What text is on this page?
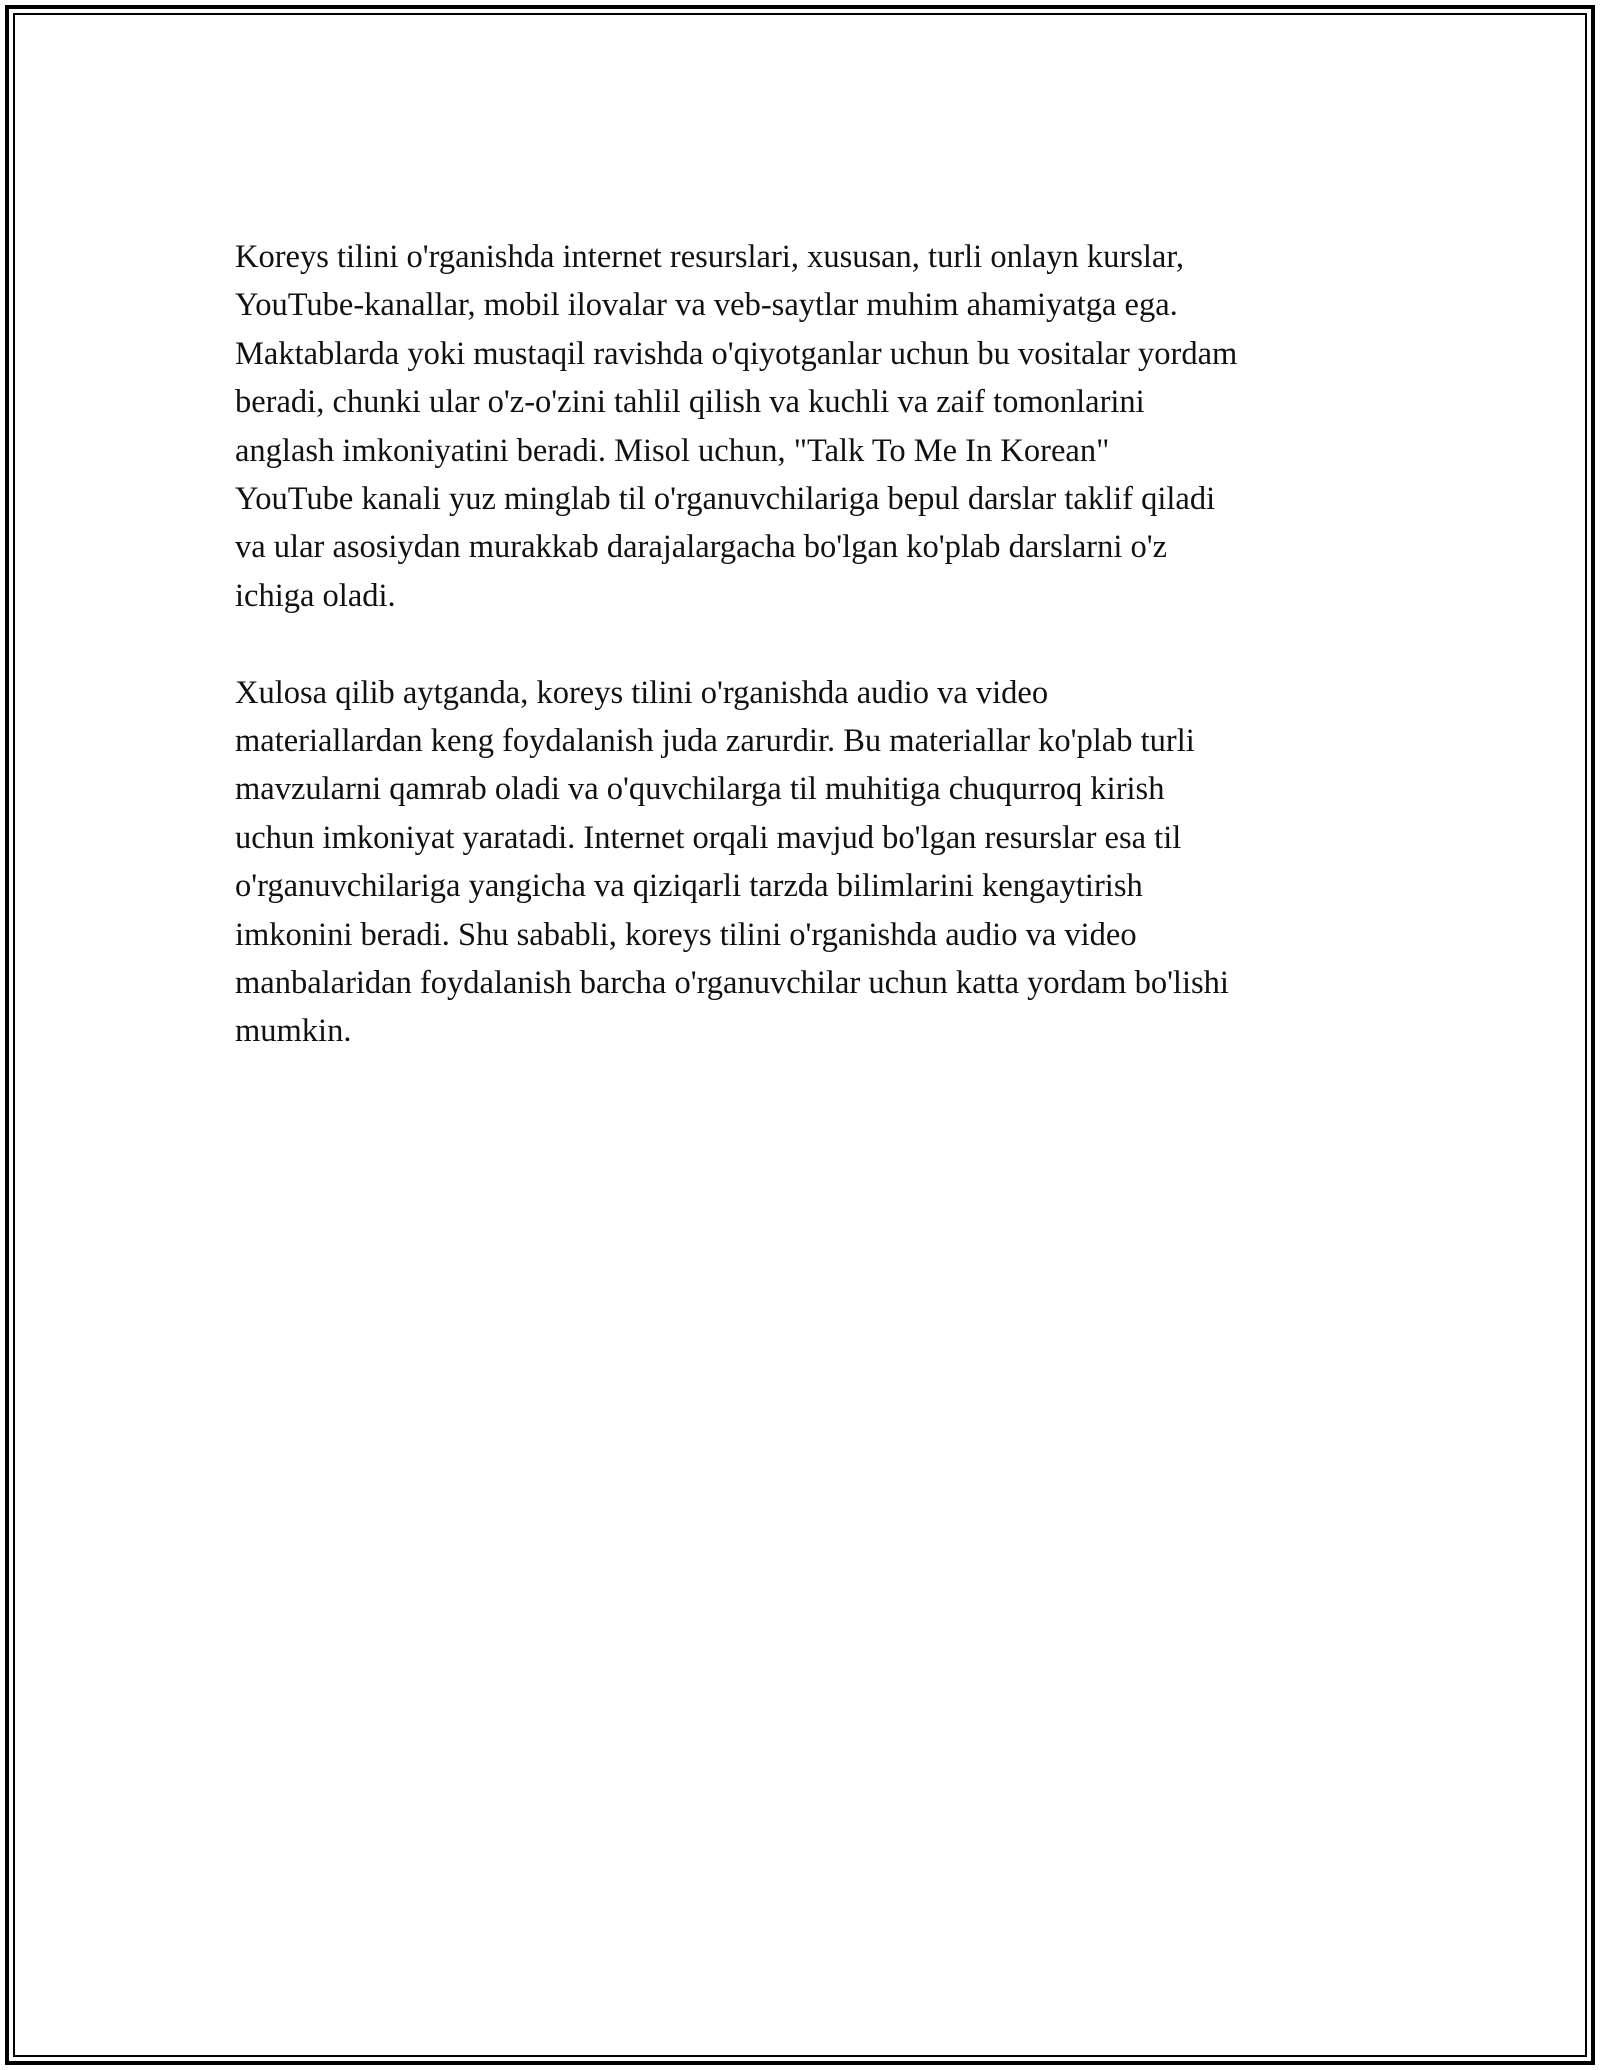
Koreys tilini o'rganishda internet resurslari, xususan, turli onlayn kurslar,
YouTube-kanallar, mobil ilovalar va veb-saytlar muhim ahamiyatga ega.
Maktablarda yoki mustaqil ravishda o'qiyotganlar uchun bu vositalar yordam
beradi, chunki ular o'z-o'zini tahlil qilish va kuchli va zaif tomonlarini
anglash imkoniyatini beradi. Misol uchun, "Talk To Me In Korean"
YouTube kanali yuz minglab til o'rganuvchilariga bepul darslar taklif qiladi
va ular asosiydan murakkab darajalargacha bo'lgan ko'plab darslarni o'z
ichiga oladi.

Xulosa qilib aytganda, koreys tilini o'rganishda audio va video
materiallardan keng foydalanish juda zarurdir. Bu materiallar ko'plab turli
mavzularni qamrab oladi va o'quvchilarga til muhitiga chuqurroq kirish
uchun imkoniyat yaratadi. Internet orqali mavjud bo'lgan resurslar esa til
o'rganuvchilariga yangicha va qiziqarli tarzda bilimlarini kengaytirish
imkonini beradi. Shu sababli, koreys tilini o'rganishda audio va video
manbalaridan foydalanish barcha o'rganuvchilar uchun katta yordam bo'lishi
mumkin.
